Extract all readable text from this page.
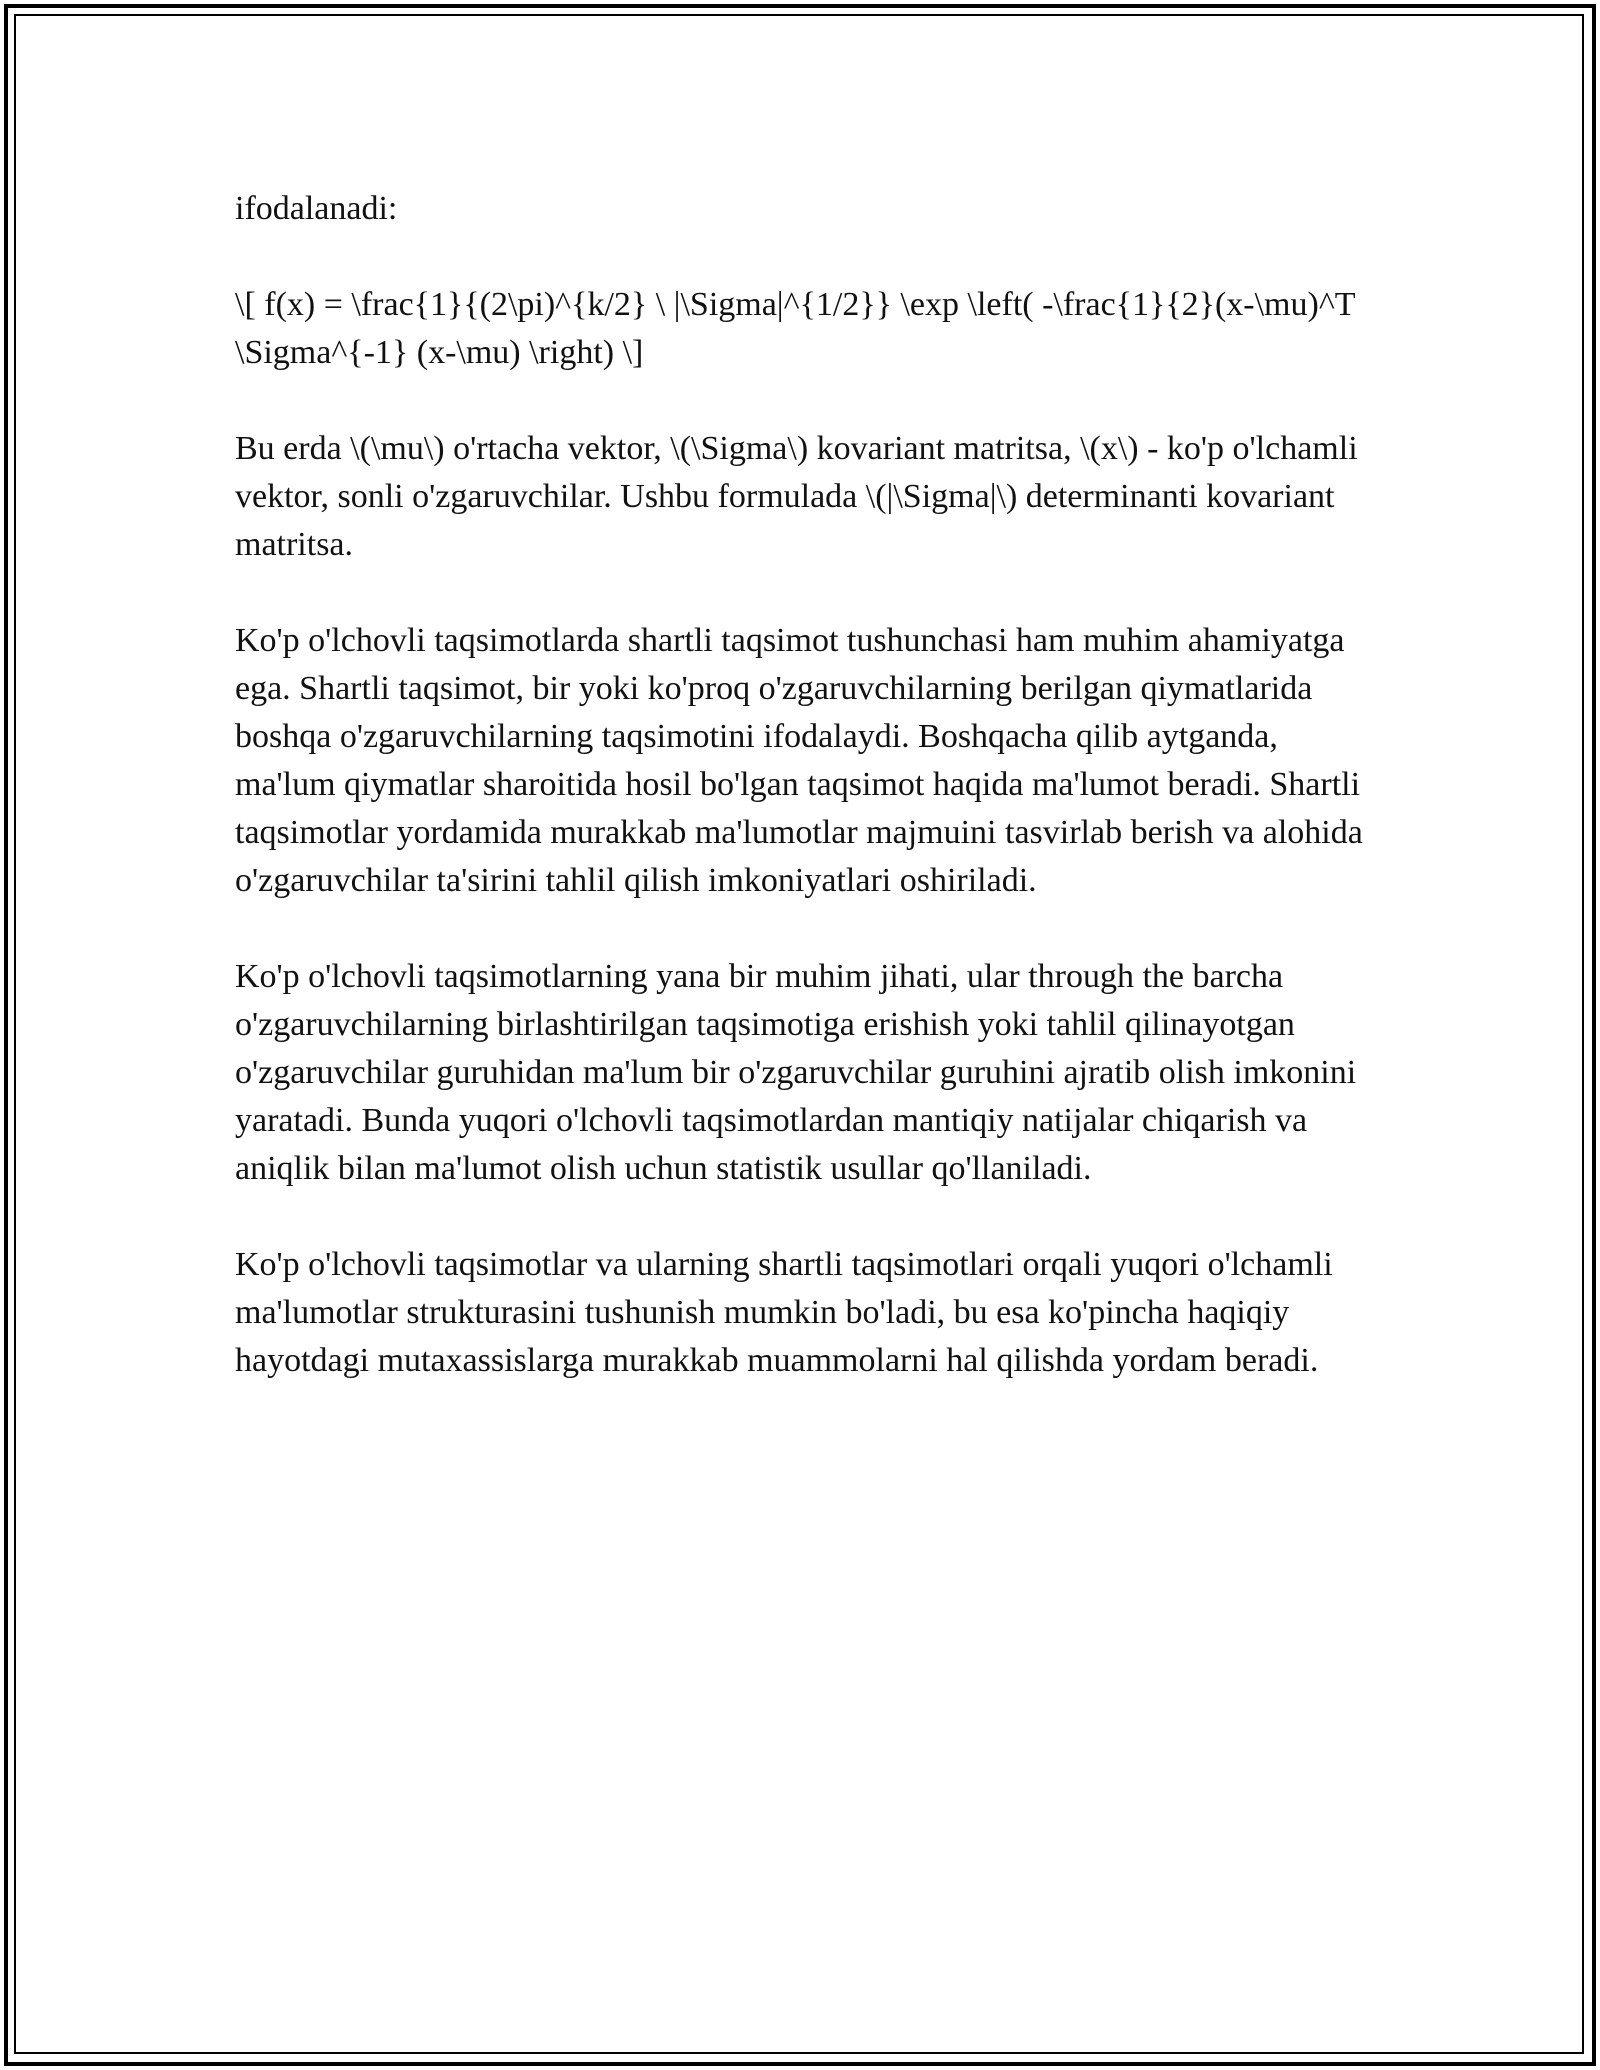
ifodalanadi:

\[ f(x) = \frac{1}{(2\pi)^{k/2} \ |\Sigma|^{1/2}} \exp \left( -\frac{1}{2}(x-\mu)^T \Sigma^{-1} (x-\mu) \right) \]

Bu erda \(\mu\) o'rtacha vektor, \(\Sigma\) kovariant matritsa, \(x\) - ko'p o'lchamli vektor, sonli o'zgaruvchilar. Ushbu formulada \(|\Sigma|\) determinanti kovariant matritsa.

Ko'p o'lchovli taqsimotlarda shartli taqsimot tushunchasi ham muhim ahamiyatga ega. Shartli taqsimot, bir yoki ko'proq o'zgaruvchilarning berilgan qiymatlarida boshqa o'zgaruvchilarning taqsimotini ifodalaydi. Boshqacha qilib aytganda, ma'lum qiymatlar sharoitida hosil bo'lgan taqsimot haqida ma'lumot beradi. Shartli taqsimotlar yordamida murakkab ma'lumotlar majmuini tasvirlab berish va alohida o'zgaruvchilar ta'sirini tahlil qilish imkoniyatlari oshiriladi.

Ko'p o'lchovli taqsimotlarning yana bir muhim jihati, ular through the barcha o'zgaruvchilarning birlashtirilgan taqsimotiga erishish yoki tahlil qilinayotgan o'zgaruvchilar guruhidan ma'lum bir o'zgaruvchilar guruhini ajratib olish imkonini yaratadi. Bunda yuqori o'lchovli taqsimotlardan mantiqiy natijalar chiqarish va aniqlik bilan ma'lumot olish uchun statistik usullar qo'llaniladi.

Ko'p o'lchovli taqsimotlar va ularning shartli taqsimotlari orqali yuqori o'lchamli ma'lumotlar strukturasini tushunish mumkin bo'ladi, bu esa ko'pincha haqiqiy hayotdagi mutaxassislarga murakkab muammolarni hal qilishda yordam beradi.
